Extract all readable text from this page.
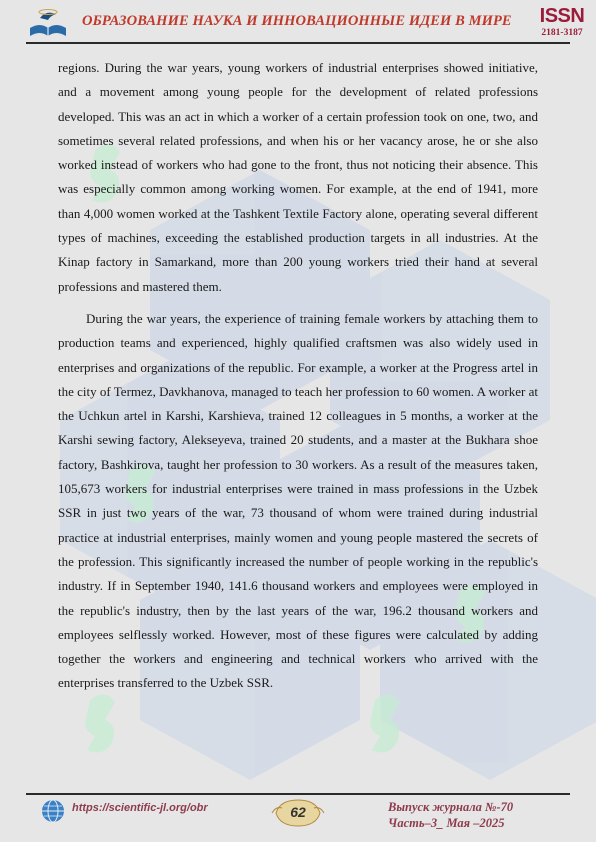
ОБРАЗОВАНИЕ НАУКА И ИННОВАЦИОННЫЕ ИДЕИ В МИРЕ ISSN
2181-3187

regions. During the war years, young workers of industrial enterprises showed initiative, and a movement among young people for the development of related professions developed. This was an act in which a worker of a certain profession took on one, two, and sometimes several related professions, and when his or her vacancy arose, he or she also worked instead of workers who had gone to the front, thus not noticing their absence. This was especially common among working women. For example, at the end of 1941, more than 4,000 women worked at the Tashkent Textile Factory alone, operating several different types of machines, exceeding the established production targets in all industries. At the Kinap factory in Samarkand, more than 200 young workers tried their hand at several professions and mastered them.

During the war years, the experience of training female workers by attaching them to production teams and experienced, highly qualified craftsmen was also widely used in enterprises and organizations of the republic. For example, a worker at the Progress artel in the city of Termez, Davkhanova, managed to teach her profession to 60 women. A worker at the Uchkun artel in Karshi, Karshieva, trained 12 colleagues in 5 months, a worker at the Karshi sewing factory, Alekseyeva, trained 20 students, and a master at the Bukhara shoe factory, Bashkirova, taught her profession to 30 workers. As a result of the measures taken, 105,673 workers for industrial enterprises were trained in mass professions in the Uzbek SSR in just two years of the war, 73 thousand of whom were trained during industrial practice at industrial enterprises, mainly women and young people mastered the secrets of the profession. This significantly increased the number of people working in the republic's industry. If in September 1940, 141.6 thousand workers and employees were employed in the republic's industry, then by the last years of the war, 196.2 thousand workers and employees selflessly worked. However, most of these figures were calculated by adding together the workers and engineering and technical workers who arrived with the enterprises transferred to the Uzbek SSR.

https://scientific-jl.org/obr	62	Выпуск журнала №-70
Часть–3_ Мая –2025
